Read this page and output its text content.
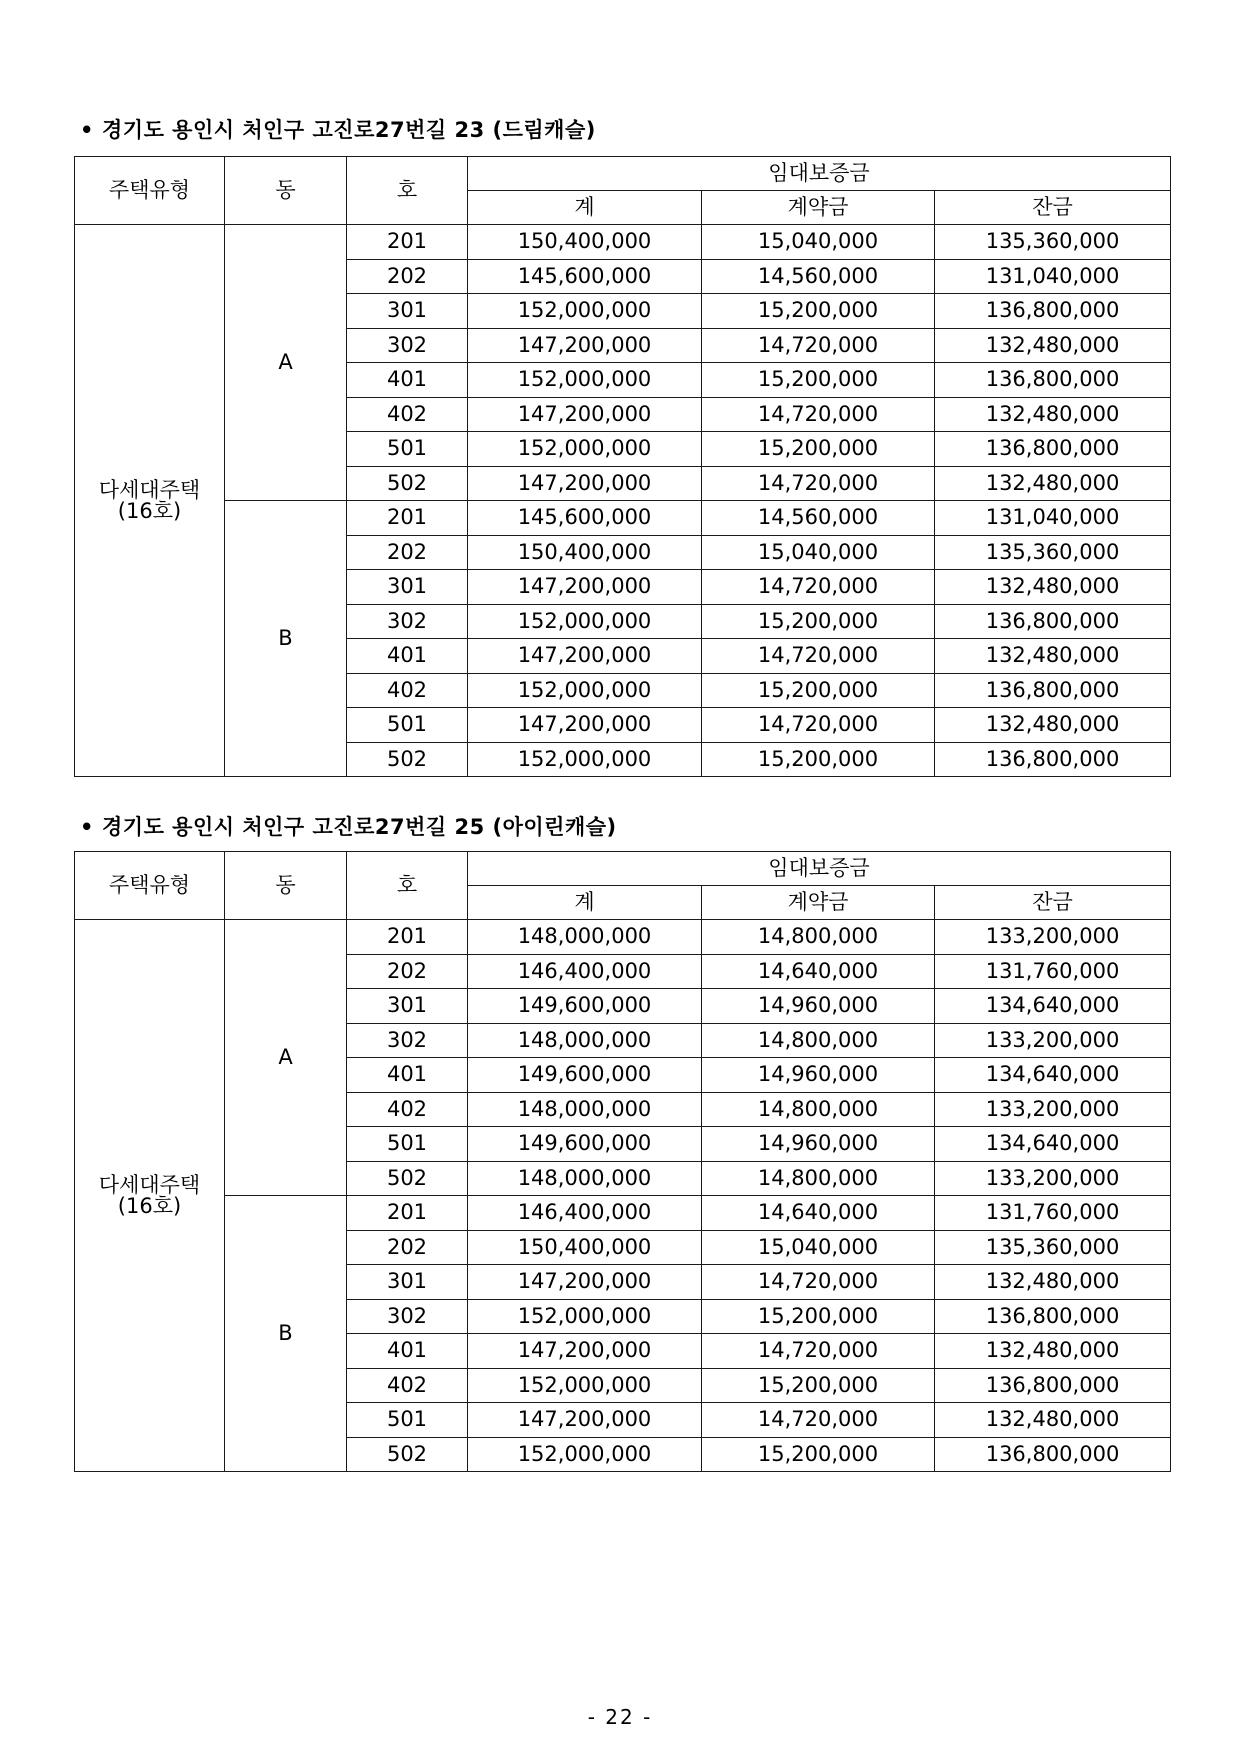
• 경기도 용인시 처인구 고진로27번길 23 (드림캐슬)
주택유형	동	호	임대보증금		
			계	계약금	잔금

다세대주택
(16호)	A	201	150,400,000	15,040,000	135,360,000
		202	145,600,000	14,560,000	131,040,000
		301	152,000,000	15,200,000	136,800,000
		302	147,200,000	14,720,000	132,480,000
		401	152,000,000	15,200,000	136,800,000
		402	147,200,000	14,720,000	132,480,000
		501	152,000,000	15,200,000	136,800,000
		502	147,200,000	14,720,000	132,480,000
	B	201	145,600,000	14,560,000	131,040,000
		202	150,400,000	15,040,000	135,360,000
		301	147,200,000	14,720,000	132,480,000
		302	152,000,000	15,200,000	136,800,000
		401	147,200,000	14,720,000	132,480,000
		402	152,000,000	15,200,000	136,800,000
		501	147,200,000	14,720,000	132,480,000
		502	152,000,000	15,200,000	136,800,000
• 경기도 용인시 처인구 고진로27번길 25 (아이린캐슬)
주택유형	동	호	임대보증금		
			계	계약금	잔금

다세대주택
(16호)	A	201	148,000,000	14,800,000	133,200,000
		202	146,400,000	14,640,000	131,760,000
		301	149,600,000	14,960,000	134,640,000
		302	148,000,000	14,800,000	133,200,000
		401	149,600,000	14,960,000	134,640,000
		402	148,000,000	14,800,000	133,200,000
		501	149,600,000	14,960,000	134,640,000
		502	148,000,000	14,800,000	133,200,000
	B	201	146,400,000	14,640,000	131,760,000
		202	150,400,000	15,040,000	135,360,000
		301	147,200,000	14,720,000	132,480,000
		302	152,000,000	15,200,000	136,800,000
		401	147,200,000	14,720,000	132,480,000
		402	152,000,000	15,200,000	136,800,000
		501	147,200,000	14,720,000	132,480,000
		502	152,000,000	15,200,000	136,800,000
- 22 -
